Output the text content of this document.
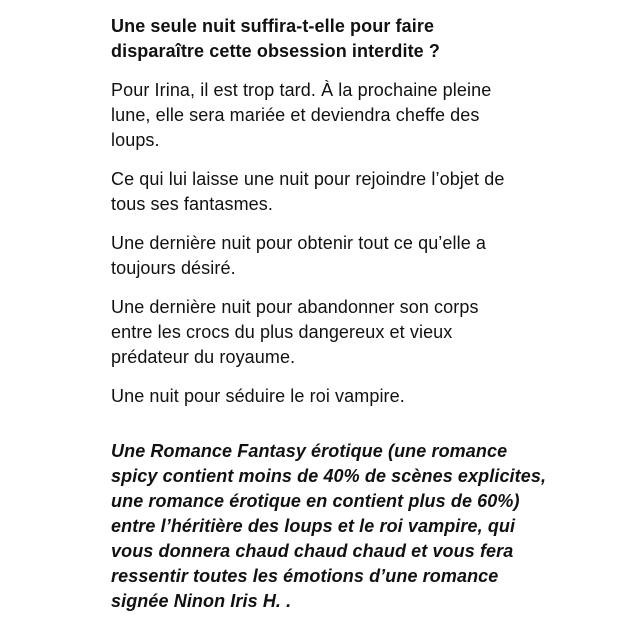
Une seule nuit suffira-t-elle pour faire
disparaître cette obsession interdite ?
Pour Irina, il est trop tard. À la prochaine pleine
lune, elle sera mariée et deviendra cheffe des
loups.
Ce qui lui laisse une nuit pour rejoindre l’objet de
tous ses fantasmes.
Une dernière nuit pour obtenir tout ce qu’elle a
toujours désiré.
Une dernière nuit pour abandonner son corps
entre les crocs du plus dangereux et vieux
prédateur du royaume.
Une nuit pour séduire le roi vampire.
Une Romance Fantasy érotique (une romance
spicy contient moins de 40% de scènes explicites,
une romance érotique en contient plus de 60%)
entre l’héritière des loups et le roi vampire, qui
vous donnera chaud chaud chaud et vous fera
ressentir toutes les émotions d’une romance
signée Ninon Iris H. .
